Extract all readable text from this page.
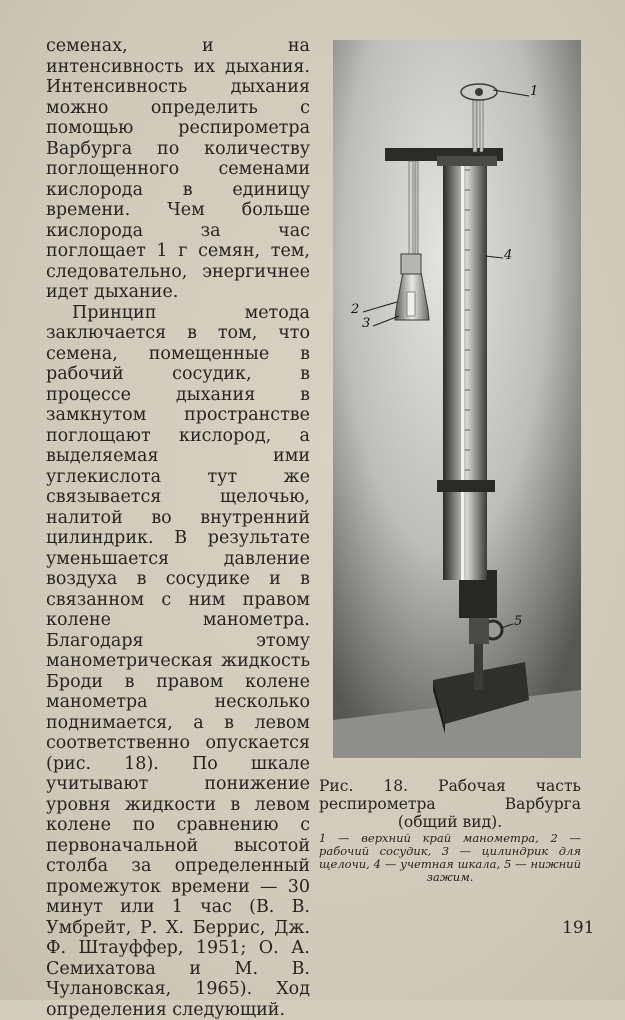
семенах, и на интенсивность их дыхания. Интенсивность дыхания можно определить с помощью респирометра Варбурга по количеству поглощенного семенами кислорода в единицу времени. Чем больше кислорода за час поглощает 1 г семян, тем, следовательно, энергичнее идет дыхание.

Принцип метода заключается в том, что семена, помещенные в рабочий сосудик, в процессе дыхания в замкнутом пространстве поглощают кислород, а выделяемая ими углекислота тут же связывается щелочью, налитой во внутренний цилиндрик. В результате уменьшается давление воздуха в сосудике и в связанном с ним правом колене манометра. Благодаря этому манометрическая жидкость Броди в правом колене манометра несколько поднимается, а в левом соответственно опускается (рис. 18). По шкале учитывают понижение уровня жидкости в левом колене по сравнению с первоначальной высотой столба за определенный промежуток времени — 30 минут или 1 час (В. В. Умбрейт, Р. Х. Беррис, Дж. Ф. Штауффер, 1951; О. А. Семихатова и М. В. Чулановская, 1965). Ход определения следующий.

1
2
3
4
5
Рис. 18. Рабочая часть респирометра Варбурга (общий вид).
1 — верхний край манометра, 2 — рабочий сосудик, 3 — цилиндрик для щелочи, 4 — учетная шкала, 5 — нижний зажим.
191
